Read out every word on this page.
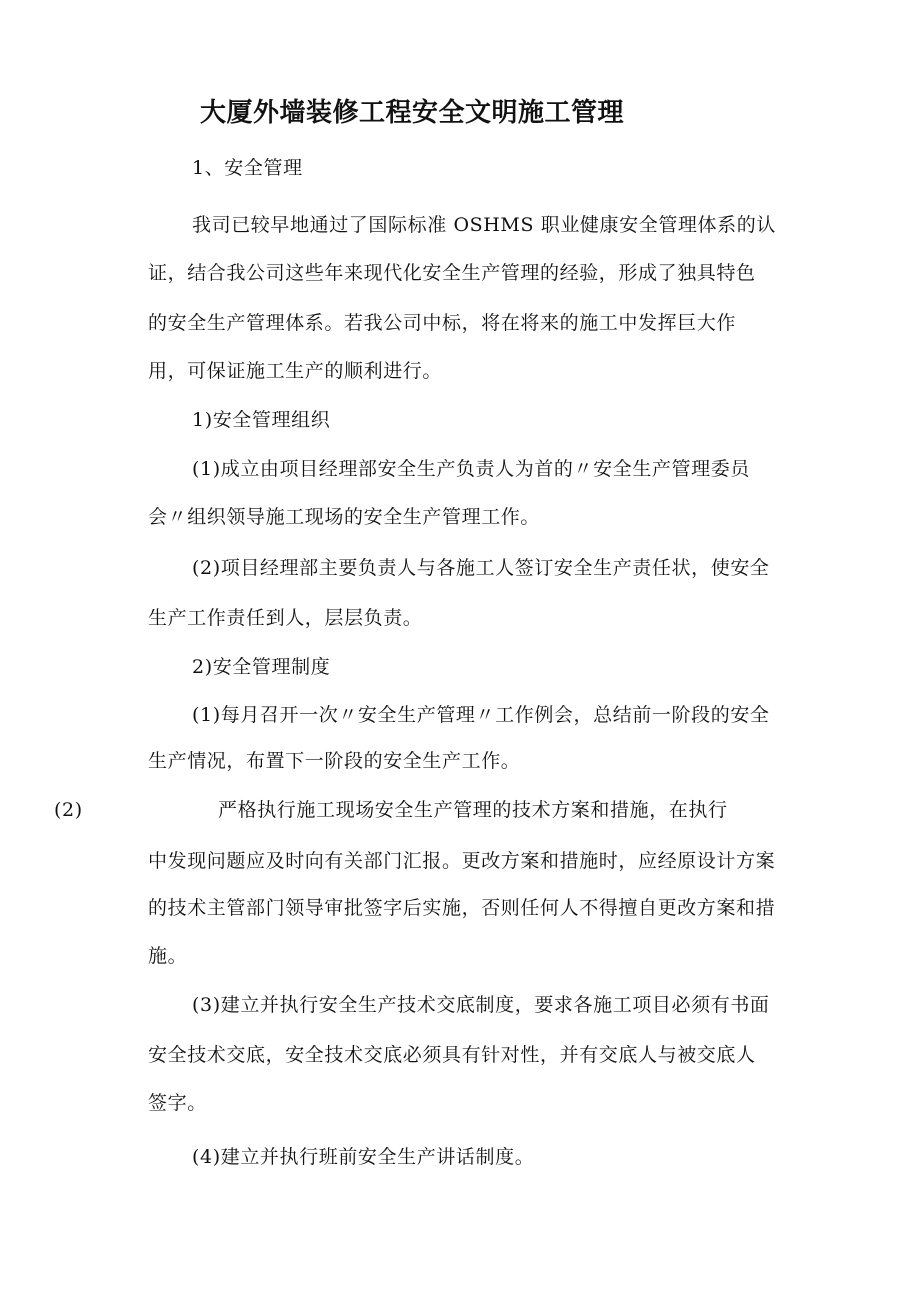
大厦外墙装修工程安全文明施工管理

1、安全管理

我司已较早地通过了国际标准 OSHMS 职业健康安全管理体系的认

证，结合我公司这些年来现代化安全生产管理的经验，形成了独具特色

的安全生产管理体系。若我公司中标，将在将来的施工中发挥巨大作

用，可保证施工生产的顺利进行。

1)安全管理组织

(1)成立由项目经理部安全生产负责人为首的〃安全生产管理委员

会〃组织领导施工现场的安全生产管理工作。

(2)项目经理部主要负责人与各施工人签订安全生产责任状，使安全

生产工作责任到人，层层负责。

2)安全管理制度

(1)每月召开一次〃安全生产管理〃工作例会，总结前一阶段的安全

生产情况，布置下一阶段的安全生产工作。

(2)	严格执行施工现场安全生产管理的技术方案和措施，在执行

中发现问题应及时向有关部门汇报。更改方案和措施时，应经原设计方案

的技术主管部门领导审批签字后实施，否则任何人不得擅自更改方案和措

施。

(3)建立并执行安全生产技术交底制度，要求各施工项目必须有书面

安全技术交底，安全技术交底必须具有针对性，并有交底人与被交底人

签字。

(4)建立并执行班前安全生产讲话制度。
